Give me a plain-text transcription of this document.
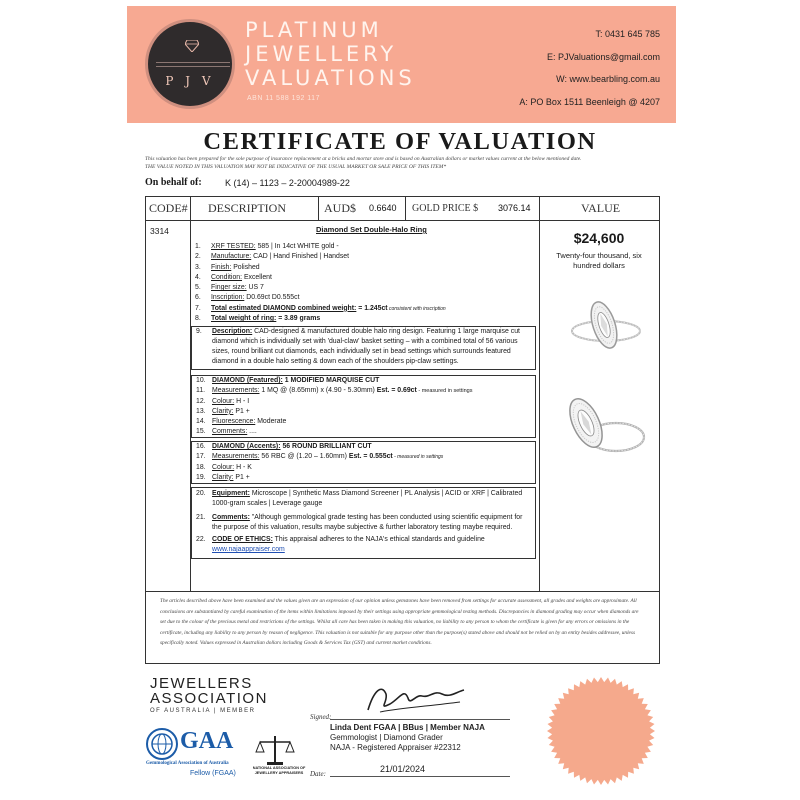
P J V
PLATINUM
JEWELLERY
VALUATIONS
ABN 11 588 192 117
T: 0431 645 785
E: PJValuations@gmail.com
W: www.bearbling.com.au
A: PO Box 1511 Beenleigh @ 4207
CERTIFICATE OF VALUATION
This valuation has been prepared for the sole purpose of insurance replacement at a bricks and mortar store and is based on Australian dollars or market values current at the below mentioned date.
THE VALUE NOTED IN THIS VALUATION MAY NOT BE INDICATIVE OF THE USUAL MARKET OR SALE PRICE OF THIS ITEM*
On behalf of:	K (14) – 1123 – 2-20004989-22
CODE# DESCRIPTION	AUD$ 0.6640 GOLD PRICE $ 3076.14	VALUE
3314	Diamond Set Double-Halo Ring
$24,600
Twenty-four thousand, six hundred dollars
1.	XRF TESTED: 585 | In 14ct WHITE gold -
2.	Manufacture: CAD | Hand Finished | Handset
3.	Finish: Polished
4.	Condition: Excellent
5.	Finger size: US 7
6.	Inscription: D0.69ct D0.555ct
7.	Total estimated DIAMOND combined weight: = 1.245ct consistent with inscription
8.	Total weight of ring: = 3.89 grams
9.	Description: CAD-designed & manufactured double halo ring design. Featuring 1 large marquise cut diamond which is individually set with 'dual-claw' basket setting – with a combined total of 56 various sizes, round brilliant cut diamonds, each individually set in bead settings which surrounds featured diamond in a double halo setting & down each of the shoulders pip-claw settings.
10. DIAMOND (Featured): 1 MODIFIED MARQUISE CUT
11.	Measurements: 1 MQ @ (8.65mm) x (4.90 - 5.30mm) Est. = 0.69ct - measured in settings
12. Colour: H - I
13. Clarity: P1 +
14. Fluorescence: Moderate
15. Comments: ....
16. DIAMOND (Accents): 56 ROUND BRILLIANT CUT
17. Measurements: 56 RBC @ (1.20 – 1.60mm) Est. = 0.555ct - measured in settings
18. Colour: H - K
19. Clarity: P1 +
20. Equipment: Microscope | Synthetic Mass Diamond Screener | PL Analysis | ACID or XRF | Calibrated 1000-gram scales | Leverage gauge
21. Comments: "Although gemmological grade testing has been conducted using scientific equipment for the purpose of this valuation, results maybe subjective & further laboratory testing maybe required.
22. CODE OF ETHICS: This appraisal adheres to the NAJA's ethical standards and guideline
www.najaappraiser.com
The articles described above have been examined and the values given are an expression of our opinion unless gemstones have been removed from settings for accurate assessment, all grades and weights are approximate. All conclusions are substantiated by careful examination of the items within limitations imposed by their settings using appropriate gemmological testing methods. Discrepancies in diamond grading may occur when diamonds are set due to the colour of the precious metal and restrictions of the settings. Whilst all care has been taken in making this valuation, no liability to any person to whom the certificate is given for any errors or omissions in the certificate, including any liability to any person by reason of negligence. This valuation is not suitable for any purpose other than the purpose(s) stated above and should not be relied on by an entity besides addressee, unless specifically noted. Values expressed in Australian dollars including Goods & Services Tax (GST) and current market conditions.
JEWELLERS
ASSOCIATION
OF AUSTRALIA | MEMBER
GAA
Gemmological Association of Australia
Fellow (FGAA)
NATIONAL ASSOCIATION OF JEWELLERY APPRAISERS
Signed:
Linda Dent FGAA | BBus | Member NAJA
Gemmologist | Diamond Grader
NAJA - Registered Appraiser #22312
Date:	21/01/2024
